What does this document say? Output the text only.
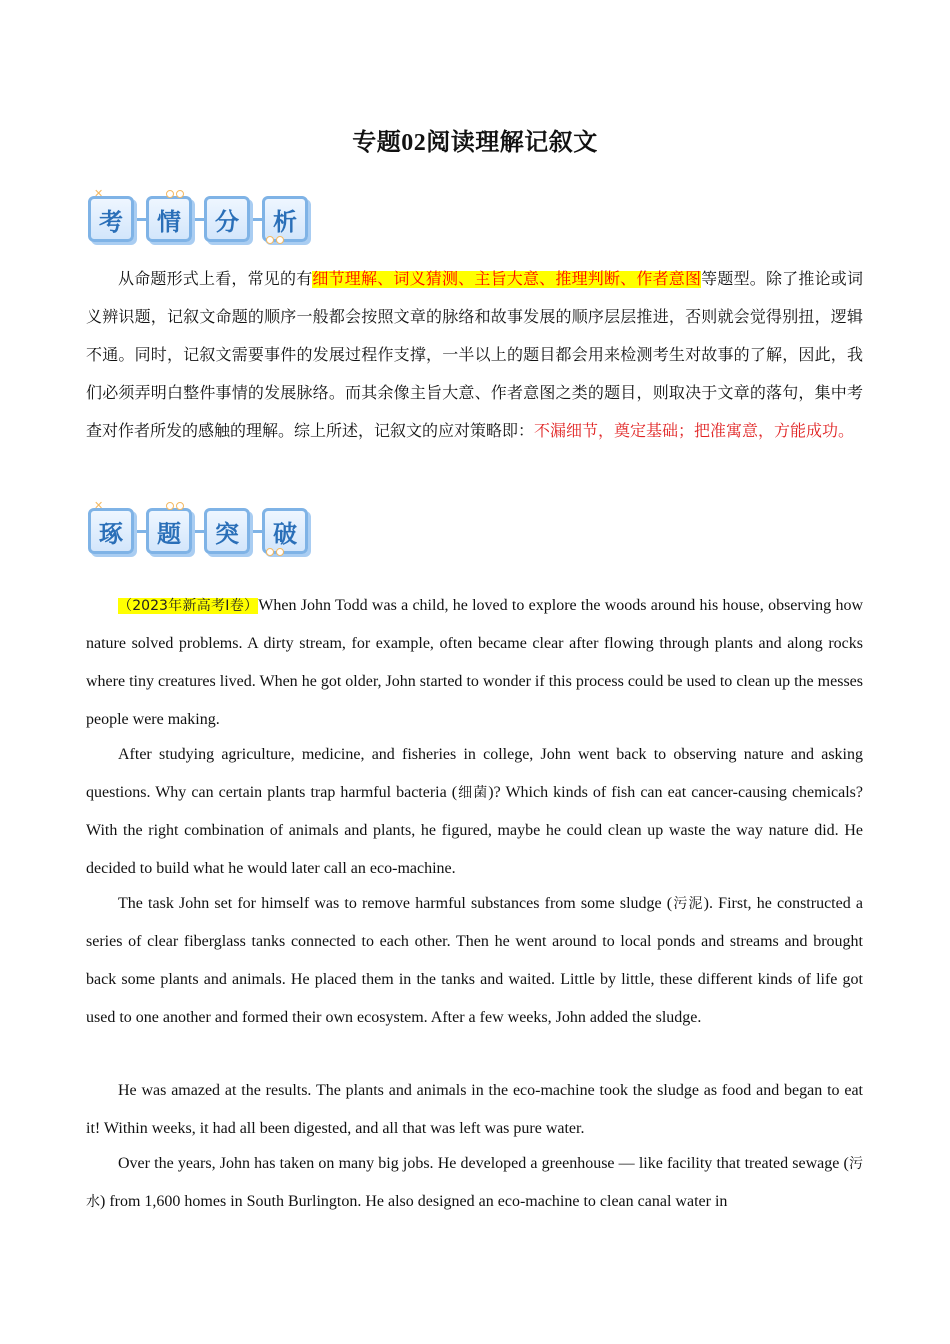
专题02阅读理解记叙文
考	情	分	析
✕

从命题形式上看，常见的有细节理解、词义猜测、主旨大意、推理判断、作者意图等题型。除了推论或词义辨识题，记叙文命题的顺序一般都会按照文章的脉络和故事发展的顺序层层推进，否则就会觉得别扭，逻辑不通。同时，记叙文需要事件的发展过程作支撑，一半以上的题目都会用来检测考生对故事的了解，因此，我们必须弄明白整件事情的发展脉络。而其余像主旨大意、作者意图之类的题目，则取决于文章的落句，集中考查对作者所发的感触的理解。综上所述，记叙文的应对策略即：不漏细节，奠定基础；把准寓意，方能成功。

琢	题	突	破
✕

（2023年新高考Ⅰ卷）When John Todd was a child, he loved to explore the woods around his house, observing how nature solved problems. A dirty stream, for example, often became clear after flowing through plants and along rocks where tiny creatures lived. When he got older, John started to wonder if this process could be used to clean up the messes people were making.

After studying agriculture, medicine, and fisheries in college, John went back to observing nature and asking questions. Why can certain plants trap harmful bacteria (细菌)? Which kinds of fish can eat cancer-causing chemicals? With the right combination of animals and plants, he figured, maybe he could clean up waste the way nature did. He decided to build what he would later call an eco-machine.

The task John set for himself was to remove harmful substances from some sludge (污泥). First, he constructed a series of clear fiberglass tanks connected to each other. Then he went around to local ponds and streams and brought back some plants and animals. He placed them in the tanks and waited. Little by little, these different kinds of life got used to one another and formed their own ecosystem. After a few weeks, John added the sludge.

He was amazed at the results. The plants and animals in the eco-machine took the sludge as food and began to eat it! Within weeks, it had all been digested, and all that was left was pure water.

Over the years, John has taken on many big jobs. He developed a greenhouse — like facility that treated sewage (污水) from 1,600 homes in South Burlington. He also designed an eco-machine to clean canal water in
